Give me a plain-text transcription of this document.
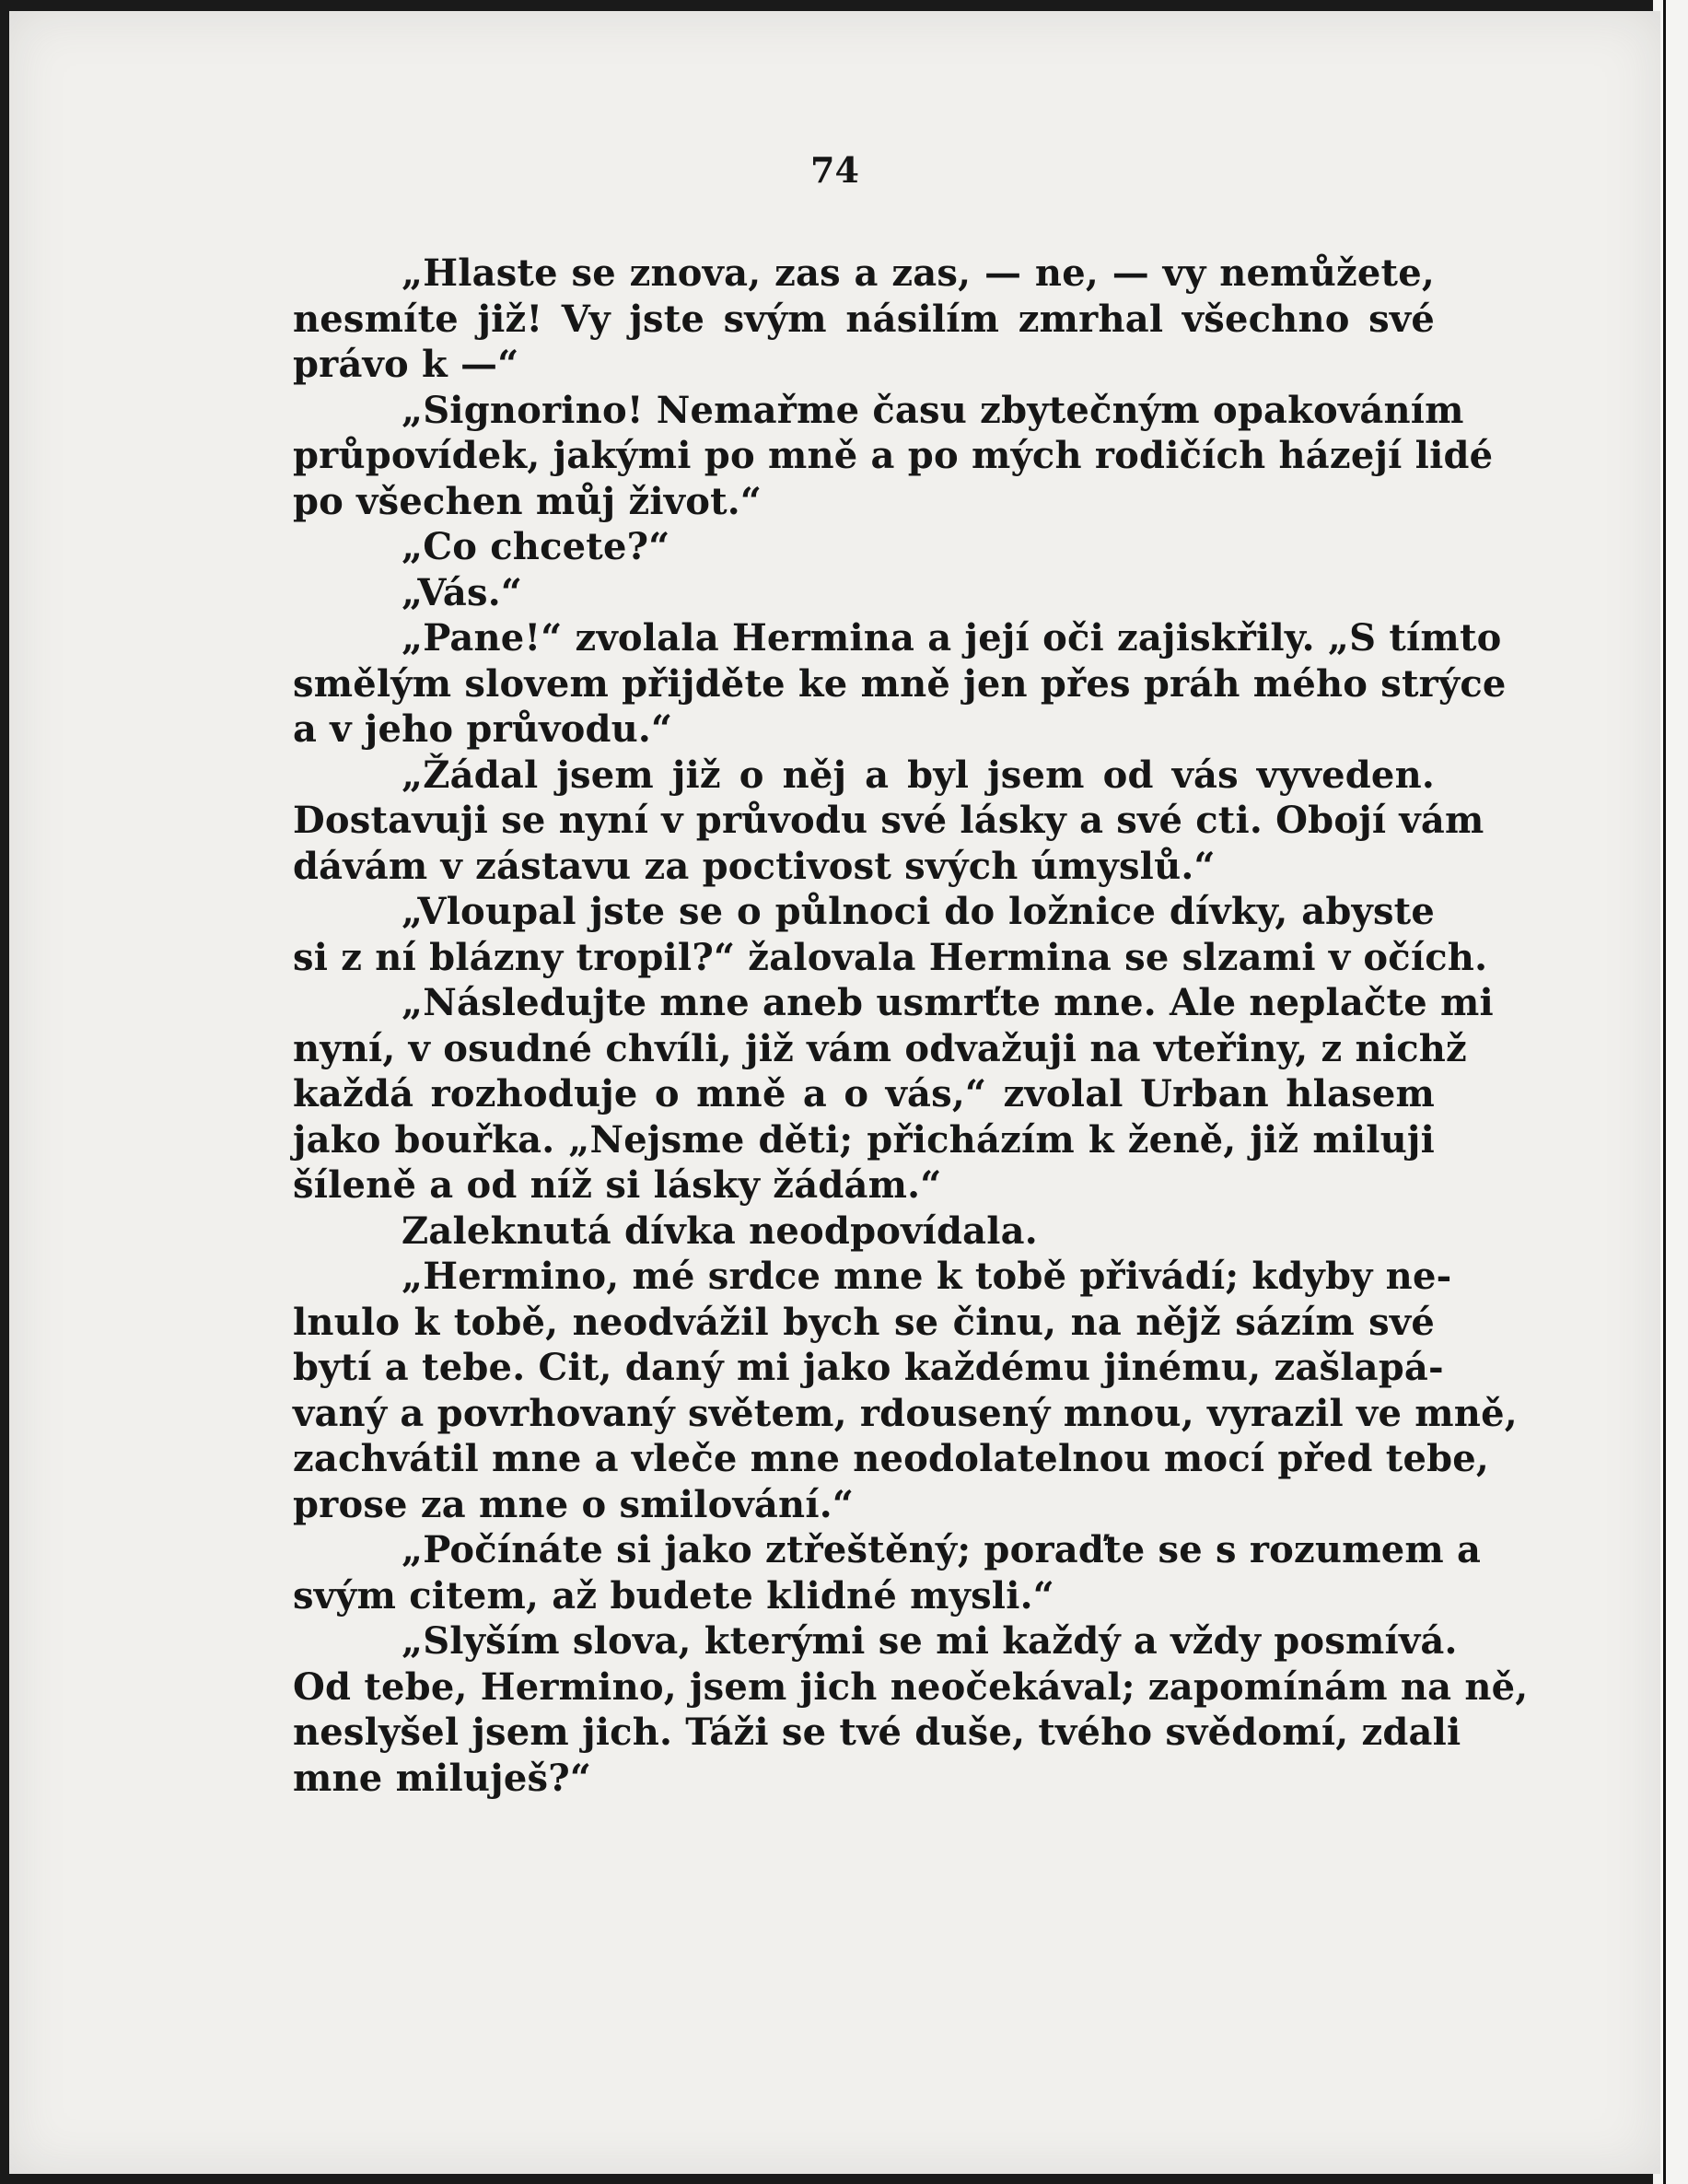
74
„Hlaste se znova, zas a zas, — ne, — vy nemůžete,
nesmíte již! Vy jste svým násilím zmrhal všechno své
právo k —“
„Signorino! Nemařme času zbytečným opakováním
průpovídek, jakými po mně a po mých rodičích házejí lidé
po všechen můj život.“
„Co chcete?“
„Vás.“
„Pane!“ zvolala Hermina a její oči zajiskřily. „S tímto
smělým slovem přijděte ke mně jen přes práh mého strýce
a v jeho průvodu.“
„Žádal jsem již o něj a byl jsem od vás vyveden.
Dostavuji se nyní v průvodu své lásky a své cti. Obojí vám
dávám v zástavu za poctivost svých úmyslů.“
„Vloupal jste se o půlnoci do ložnice dívky, abyste
si z ní blázny tropil?“ žalovala Hermina se slzami v očích.
„Následujte mne aneb usmrťte mne. Ale neplačte mi
nyní, v osudné chvíli, již vám odvažuji na vteřiny, z nichž
každá rozhoduje o mně a o vás,“ zvolal Urban hlasem
jako bouřka. „Nejsme děti; přicházím k ženě, již miluji
šíleně a od níž si lásky žádám.“
Zaleknutá dívka neodpovídala.
„Hermino, mé srdce mne k tobě přivádí; kdyby ne-
lnulo k tobě, neodvážil bych se činu, na nějž sázím své
bytí a tebe. Cit, daný mi jako každému jinému, zašlapá-
vaný a povrhovaný světem, rdousený mnou, vyrazil ve mně,
zachvátil mne a vleče mne neodolatelnou mocí před tebe,
prose za mne o smilování.“
„Počínáte si jako ztřeštěný; poraďte se s rozumem a
svým citem, až budete klidné mysli.“
„Slyším slova, kterými se mi každý a vždy posmívá.
Od tebe, Hermino, jsem jich neočekával; zapomínám na ně,
neslyšel jsem jich. Táži se tvé duše, tvého svědomí, zdali
mne miluješ?“
